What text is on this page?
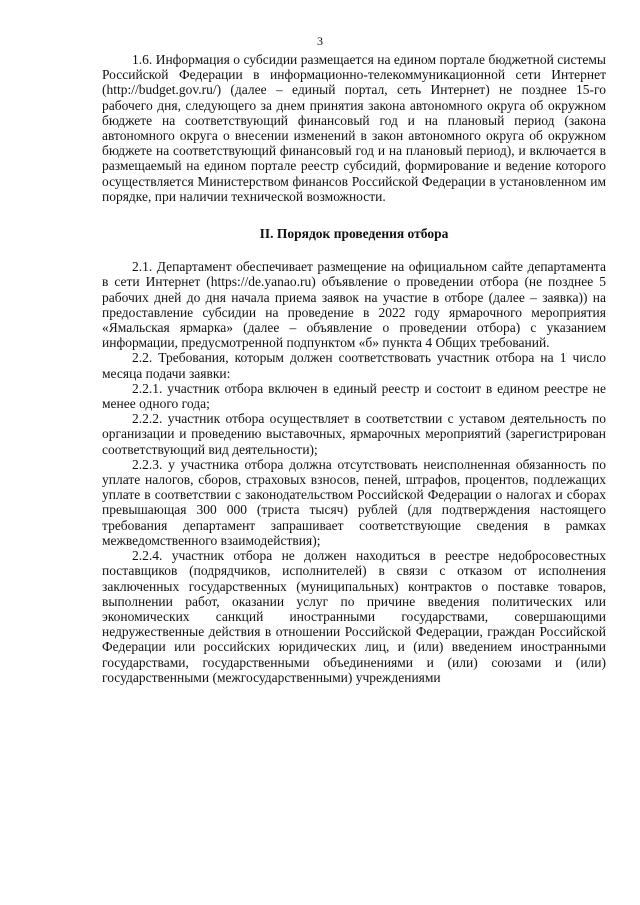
3

1.6. Информация о субсидии размещается на едином портале бюджетной системы Российской Федерации в информационно-телекоммуникационной сети Интернет (http://budget.gov.ru/) (далее – единый портал, сеть Интернет) не позднее 15-го рабочего дня, следующего за днем принятия закона автономного округа об окружном бюджете на соответствующий финансовый год и на плановый период (закона автономного округа о внесении изменений в закон автономного округа об окружном бюджете на соответствующий финансовый год и на плановый период), и включается в размещаемый на едином портале реестр субсидий, формирование и ведение которого осуществляется Министерством финансов Российской Федерации в установленном им порядке, при наличии технической возможности.

II. Порядок проведения отбора

2.1. Департамент обеспечивает размещение на официальном сайте департамента в сети Интернет (https://de.yanao.ru) объявление о проведении отбора (не позднее 5 рабочих дней до дня начала приема заявок на участие в отборе (далее – заявка)) на предоставление субсидии на проведение в 2022 году ярмарочного мероприятия «Ямальская ярмарка» (далее – объявление о проведении отбора) с указанием информации, предусмотренной подпунктом «б» пункта 4 Общих требований.

2.2. Требования, которым должен соответствовать участник отбора на 1 число месяца подачи заявки:

2.2.1. участник отбора включен в единый реестр и состоит в едином реестре не менее одного года;

2.2.2. участник отбора осуществляет в соответствии с уставом деятельность по организации и проведению выставочных, ярмарочных мероприятий (зарегистрирован соответствующий вид деятельности);

2.2.3. у участника отбора должна отсутствовать неисполненная обязанность по уплате налогов, сборов, страховых взносов, пеней, штрафов, процентов, подлежащих уплате в соответствии с законодательством Российской Федерации о налогах и сборах превышающая 300 000 (триста тысяч) рублей (для подтверждения настоящего требования департамент запрашивает соответствующие сведения в рамках межведомственного взаимодействия);

2.2.4. участник отбора не должен находиться в реестре недобросовестных поставщиков (подрядчиков, исполнителей) в связи с отказом от исполнения заключенных государственных (муниципальных) контрактов о поставке товаров, выполнении работ, оказании услуг по причине введения политических или экономических санкций иностранными государствами, совершающими недружественные действия в отношении Российской Федерации, граждан Российской Федерации или российских юридических лиц, и (или) введением иностранными государствами, государственными объединениями и (или) союзами и (или) государственными (межгосударственными) учреждениями
